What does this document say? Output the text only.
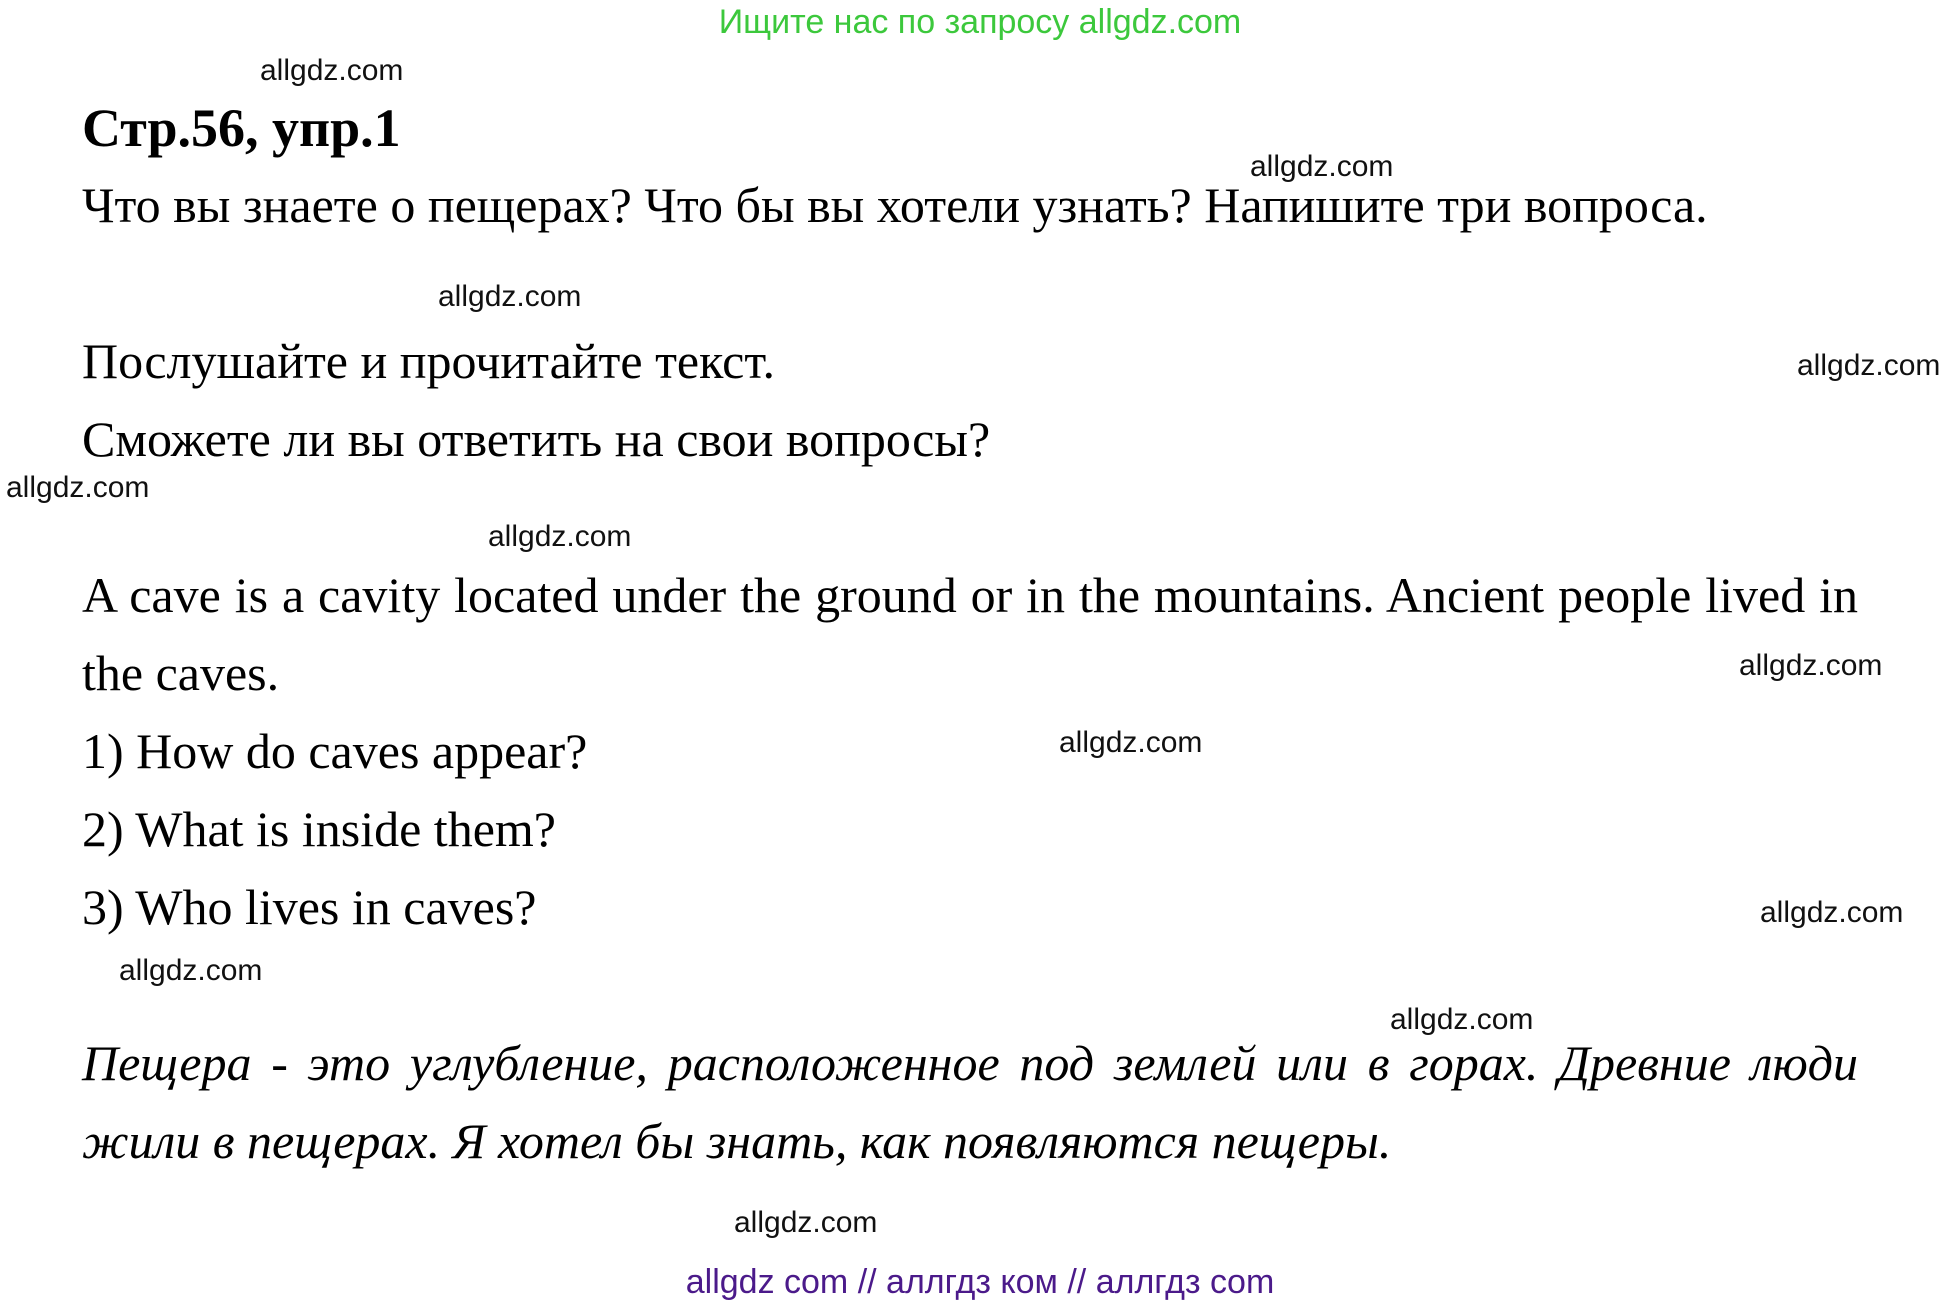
Ищите нас по запросу allgdz.com
Стр.56, упр.1
Что вы знаете о пещерах? Что бы вы хотели узнать? Напишите три вопроса.
Послушайте и прочитайте текст.
Сможете ли вы ответить на свои вопросы?
A cave is a cavity located under the ground or in the mountains. Ancient people lived in the caves.
1) How do caves appear?
2) What is inside them?
3) Who lives in caves?
Пещера - это углубление, расположенное под землей или в горах. Древние люди жили в пещерах. Я хотел бы знать, как появляются пещеры.
allgdz.com
allgdz.com
allgdz.com
allgdz.com
allgdz.com
allgdz.com
allgdz.com
allgdz.com
allgdz.com
allgdz.com
allgdz.com
allgdz.com
allgdz com // аллгдз ком // аллгдз com
